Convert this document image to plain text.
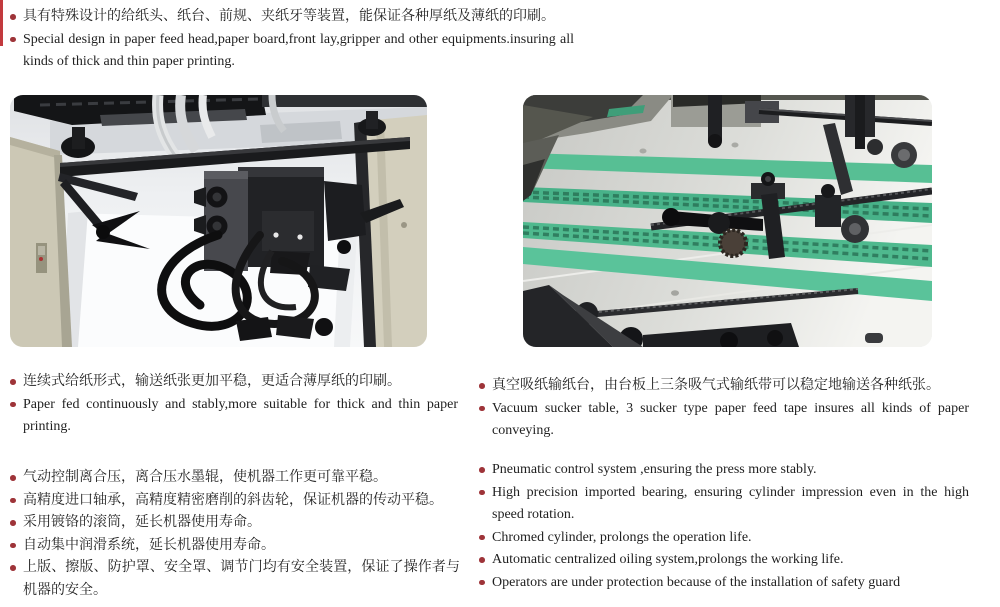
具有特殊设计的给纸头、纸台、前规、夹纸牙等装置，能保证各种厚纸及薄纸的印刷。
Special design in paper feed head,paper board,front lay,gripper and other equipments.insuring all kinds of thick and thin paper printing.
连续式给纸形式，输送纸张更加平稳，更适合薄厚纸的印刷。
Paper fed continuously and stably,more suitable for thick and thin paper printing.
气动控制离合压，离合压水墨辊，使机器工作更可靠平稳。
高精度进口轴承，高精度精密磨削的斜齿轮，保证机器的传动平稳。
采用镀铬的滚筒，延长机器使用寿命。
自动集中润滑系统，延长机器使用寿命。
上版、擦版、防护罩、安全罩、调节门均有安全装置，保证了操作者与机器的安全。
真空吸纸输纸台，由台板上三条吸气式输纸带可以稳定地输送各种纸张。
Vacuum sucker table, 3 sucker type paper feed tape insures all kinds of paper conveying.
Pneumatic control system ,ensuring the press more stably.
High precision imported bearing, ensuring cylinder impression even in the high speed rotation.
Chromed cylinder, prolongs the operation life.
Automatic centralized oiling system,prolongs the working life.
Operators are under protection because of the installation of safety guard
